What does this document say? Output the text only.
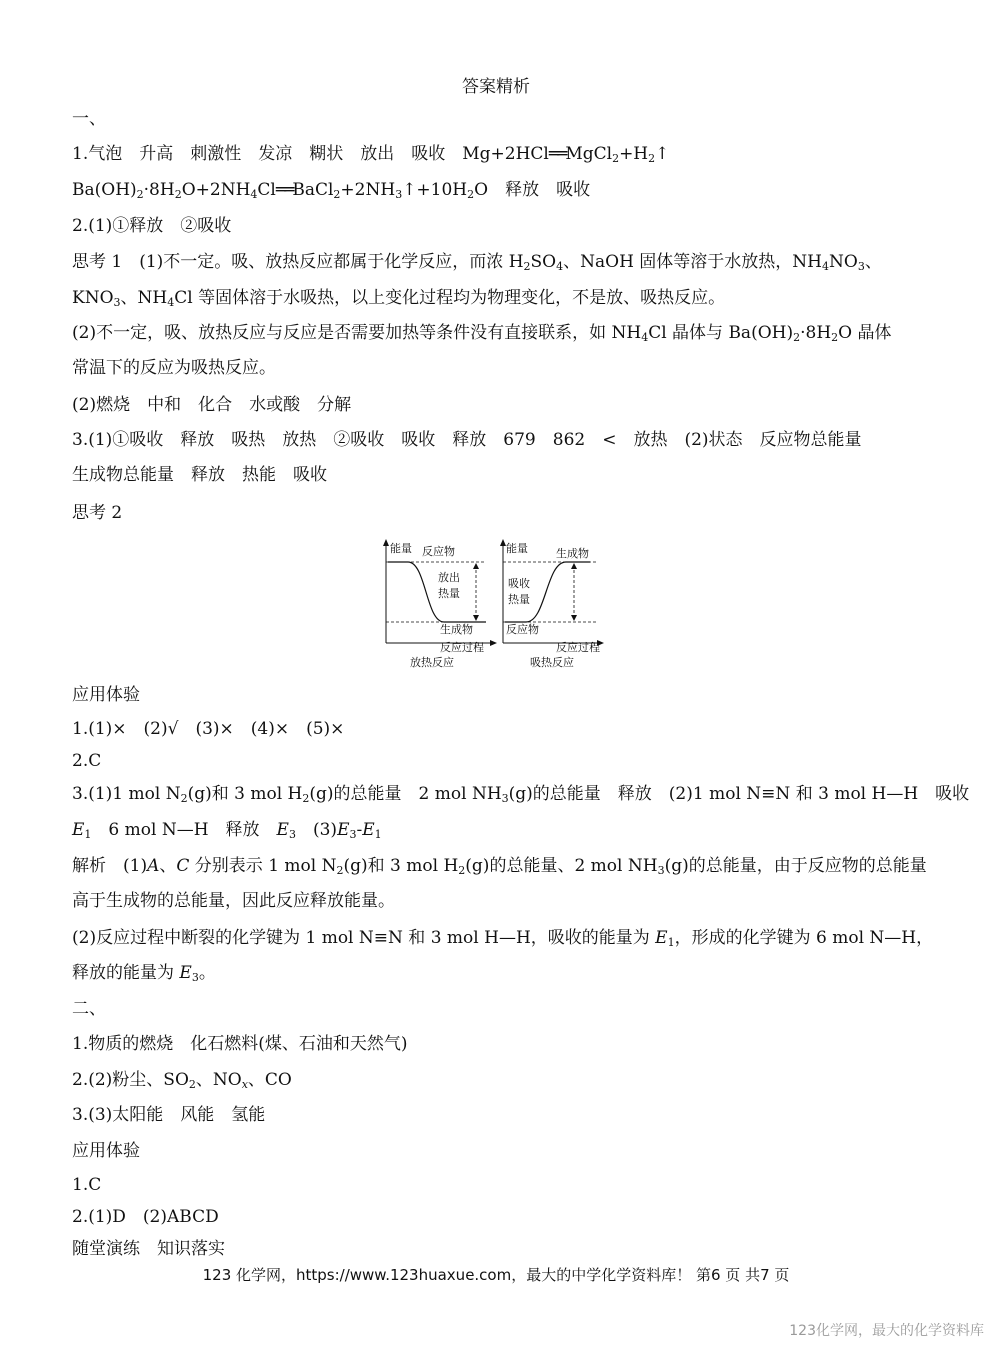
答案精析
一、
1.气泡　升高　刺激性　发凉　糊状　放出　吸收　$Mg+2HCl══MgCl_2+H_2↑$
$Ba(OH)_2\cdot 8H_2O+2NH_4Cl══BaCl_2+2NH_3↑+10H_2O$　释放　吸收
2.(1)①释放　②吸收
思考 1　(1)不一定。吸、放热反应都属于化学反应，而浓 $H_2SO_4$、NaOH 固体等溶于水放热，$NH_4NO_3$、
$KNO_3$、$NH_4Cl$ 等固体溶于水吸热，以上变化过程均为物理变化，不是放、吸热反应。
(2)不一定，吸、放热反应与反应是否需要加热等条件没有直接联系，如 $NH_4Cl$ 晶体与 $Ba(OH)_2\cdot 8H_2O$ 晶体
常温下的反应为吸热反应。
(2)燃烧　中和　化合　水或酸　分解
3.(1)①吸收　释放　吸热　放热　②吸收　吸收　释放　679　862　<　放热　(2)状态　反应物总能量
生成物总能量　释放　热能　吸收
思考 2
能量 反应物
放出
热量
生成物
反应过程
放热反应
能量	生成物
吸收
热量
反应物
反应过程
吸热反应
应用体验
1.(1)×　(2)√　(3)×　(4)×　(5)×
2.C
3.(1)1 mol $N_2(g)$和 3 mol $H_2(g)$的总能量　2 mol $NH_3(g)$的总能量　释放　(2)1 mol N≡N 和 3 mol H—H　吸收
$E_1$　6 mol N—H　释放　$E_3$　$(3)E_3-E_1$
解析　(1)A、C 分别表示 1 mol $N_2(g)$和 3 mol $H_2(g)$的总能量、2 mol $NH_3(g)$的总能量，由于反应物的总能量
高于生成物的总能量，因此反应释放能量。
(2)反应过程中断裂的化学键为 1 mol N≡N 和 3 mol H—H，吸收的能量为 $E_1$，形成的化学键为 6 mol N—H，
释放的能量为 $E_3$。
二、
1.物质的燃烧　化石燃料(煤、石油和天然气)
2.(2)粉尘、$SO_2$、$NO_x$、CO
3.(3)太阳能　风能　氢能
应用体验
1.C
2.(1)D　(2)ABCD
随堂演练　知识落实
123 化学网，https://www.123huaxue.com，最大的中学化学资料库！ 第6 页 共7 页
123化学网，最大的化学资料库
